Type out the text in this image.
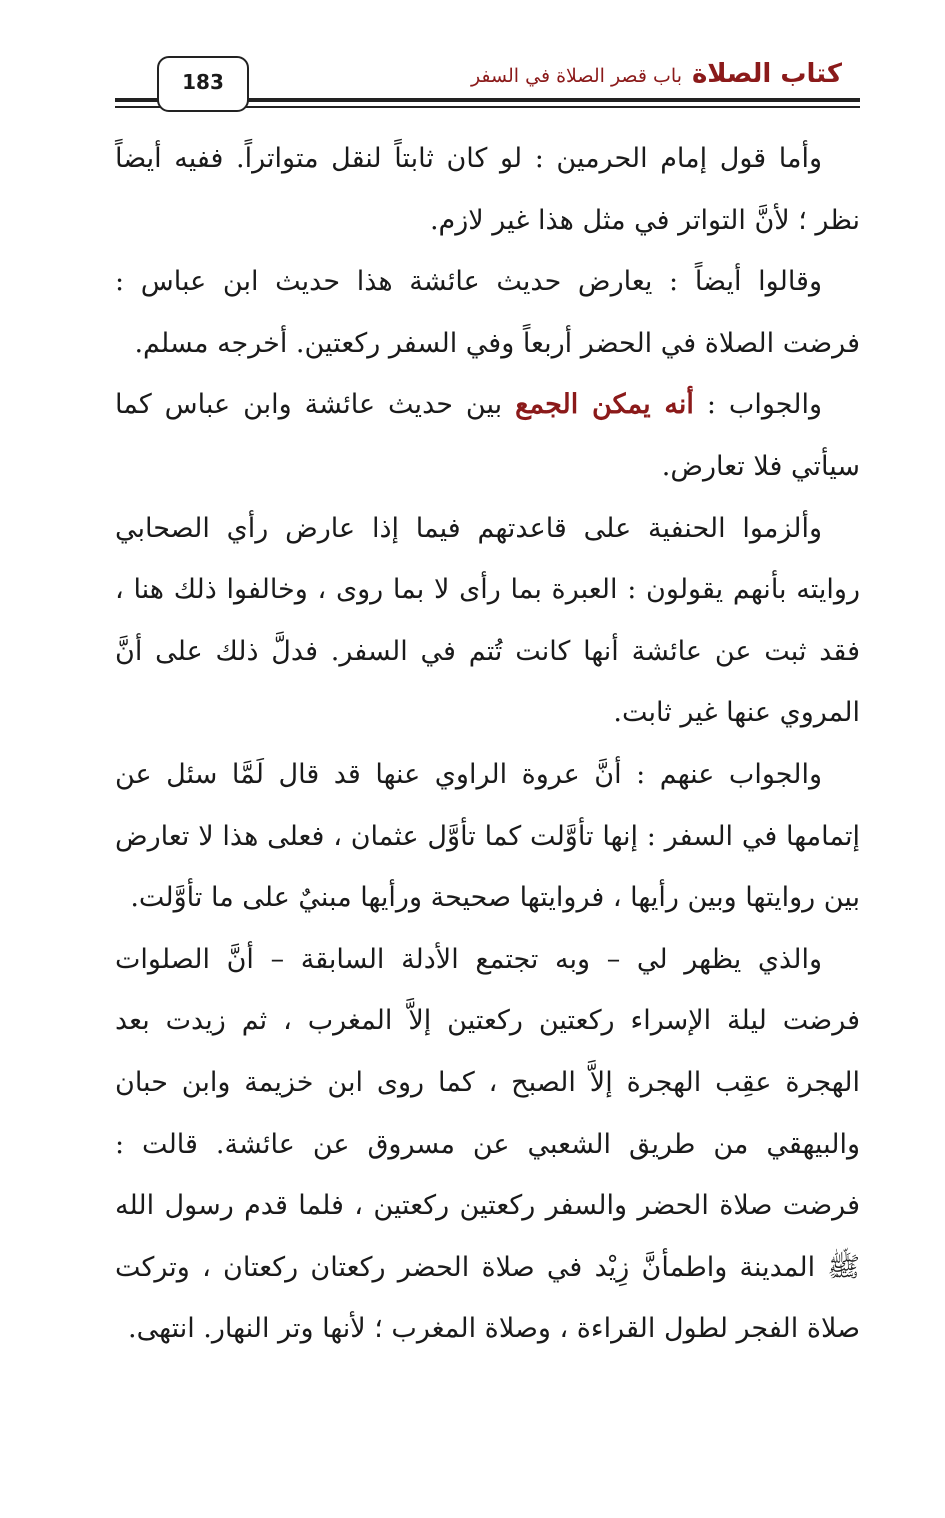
كتاب الصلاة
باب قصر الصلاة في السفر
183

وأما قول إمام الحرمين : لو كان ثابتاً لنقل متواتراً. ففيه أيضاً نظر ؛ لأنَّ التواتر في مثل هذا غير لازم.

وقالوا أيضاً : يعارض حديث عائشة هذا حديث ابن عباس : فرضت الصلاة في الحضر أربعاً وفي السفر ركعتين. أخرجه مسلم.

والجواب : أنه يمكن الجمع بين حديث عائشة وابن عباس كما سيأتي فلا تعارض.

وألزموا الحنفية على قاعدتهم فيما إذا عارض رأي الصحابي روايته بأنهم يقولون : العبرة بما رأى لا بما روى ، وخالفوا ذلك هنا ، فقد ثبت عن عائشة أنها كانت تُتم في السفر. فدلَّ ذلك على أنَّ المروي عنها غير ثابت.

والجواب عنهم : أنَّ عروة الراوي عنها قد قال لَمَّا سئل عن إتمامها في السفر : إنها تأوَّلت كما تأوَّل عثمان ، فعلى هذا لا تعارض بين روايتها وبين رأيها ، فروايتها صحيحة ورأيها مبنيٌ على ما تأوَّلت.

والذي يظهر لي – وبه تجتمع الأدلة السابقة – أنَّ الصلوات فرضت ليلة الإسراء ركعتين ركعتين إلاَّ المغرب ، ثم زيدت بعد الهجرة عقِب الهجرة إلاَّ الصبح ، كما روى ابن خزيمة وابن حبان والبيهقي من طريق الشعبي عن مسروق عن عائشة. قالت : فرضت صلاة الحضر والسفر ركعتين ركعتين ، فلما قدم رسول الله ﷺ المدينة واطمأنَّ زِيْد في صلاة الحضر ركعتان ركعتان ، وتركت صلاة الفجر لطول القراءة ، وصلاة المغرب ؛ لأنها وتر النهار. انتهى.
